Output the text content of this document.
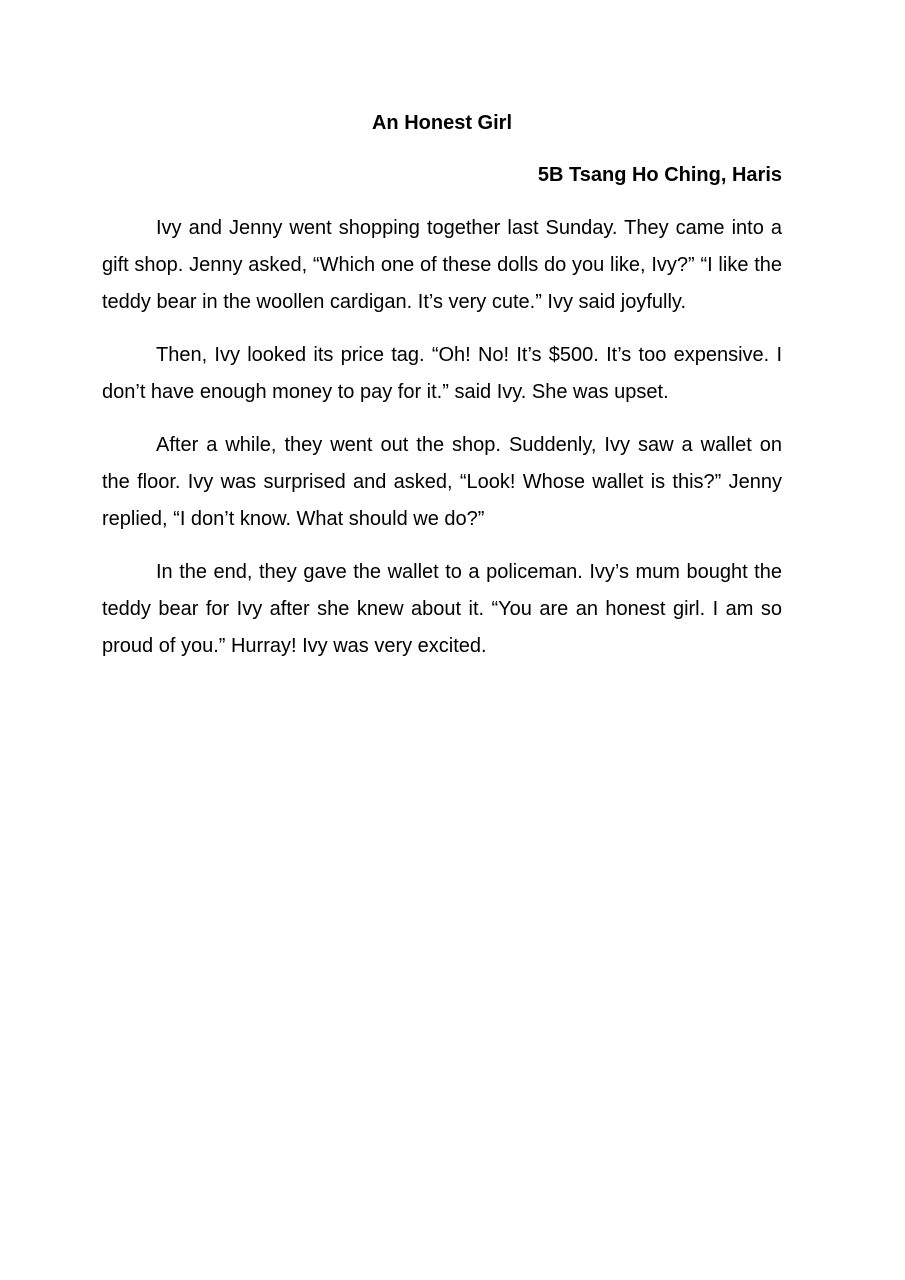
An Honest Girl

5B Tsang Ho Ching, Haris

Ivy and Jenny went shopping together last Sunday. They came into a gift shop. Jenny asked, “Which one of these dolls do you like, Ivy?” “I like the teddy bear in the woollen cardigan. It’s very cute.” Ivy said joyfully.

Then, Ivy looked its price tag. “Oh! No! It’s $500. It’s too expensive. I don’t have enough money to pay for it.” said Ivy. She was upset.

After a while, they went out the shop. Suddenly, Ivy saw a wallet on the floor. Ivy was surprised and asked, “Look! Whose wallet is this?” Jenny replied, “I don’t know. What should we do?”

In the end, they gave the wallet to a policeman. Ivy’s mum bought the teddy bear for Ivy after she knew about it. “You are an honest girl. I am so proud of you.” Hurray! Ivy was very excited.
